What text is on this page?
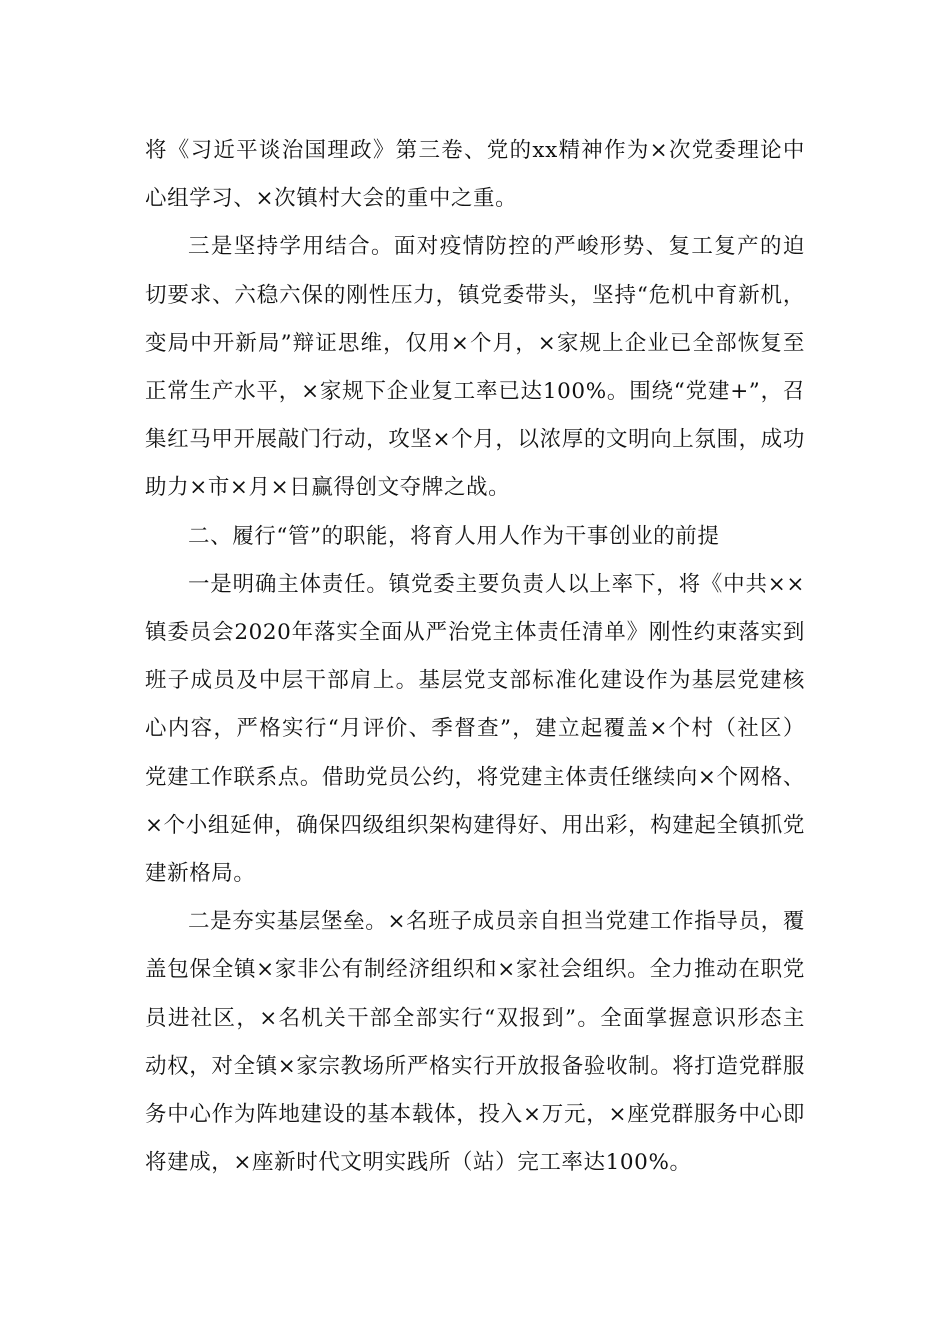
将《习近平谈治国理政》第三卷、党的xx精神作为×次党委理论中心组学习、×次镇村大会的重中之重。

三是坚持学用结合。面对疫情防控的严峻形势、复工复产的迫切要求、六稳六保的刚性压力，镇党委带头，坚持“危机中育新机，变局中开新局”辩证思维，仅用×个月，×家规上企业已全部恢复至正常生产水平，×家规下企业复工率已达100%。围绕“党建+”，召集红马甲开展敲门行动，攻坚×个月，以浓厚的文明向上氛围，成功助力×市×月×日赢得创文夺牌之战。

二、履行“管”的职能，将育人用人作为干事创业的前提

一是明确主体责任。镇党委主要负责人以上率下，将《中共××镇委员会2020年落实全面从严治党主体责任清单》刚性约束落实到班子成员及中层干部肩上。基层党支部标准化建设作为基层党建核心内容，严格实行“月评价、季督查”，建立起覆盖×个村（社区）党建工作联系点。借助党员公约，将党建主体责任继续向×个网格、×个小组延伸，确保四级组织架构建得好、用出彩，构建起全镇抓党建新格局。

二是夯实基层堡垒。×名班子成员亲自担当党建工作指导员，覆盖包保全镇×家非公有制经济组织和×家社会组织。全力推动在职党员进社区，×名机关干部全部实行“双报到”。全面掌握意识形态主动权，对全镇×家宗教场所严格实行开放报备验收制。将打造党群服务中心作为阵地建设的基本载体，投入×万元，×座党群服务中心即将建成，×座新时代文明实践所（站）完工率达100%。
